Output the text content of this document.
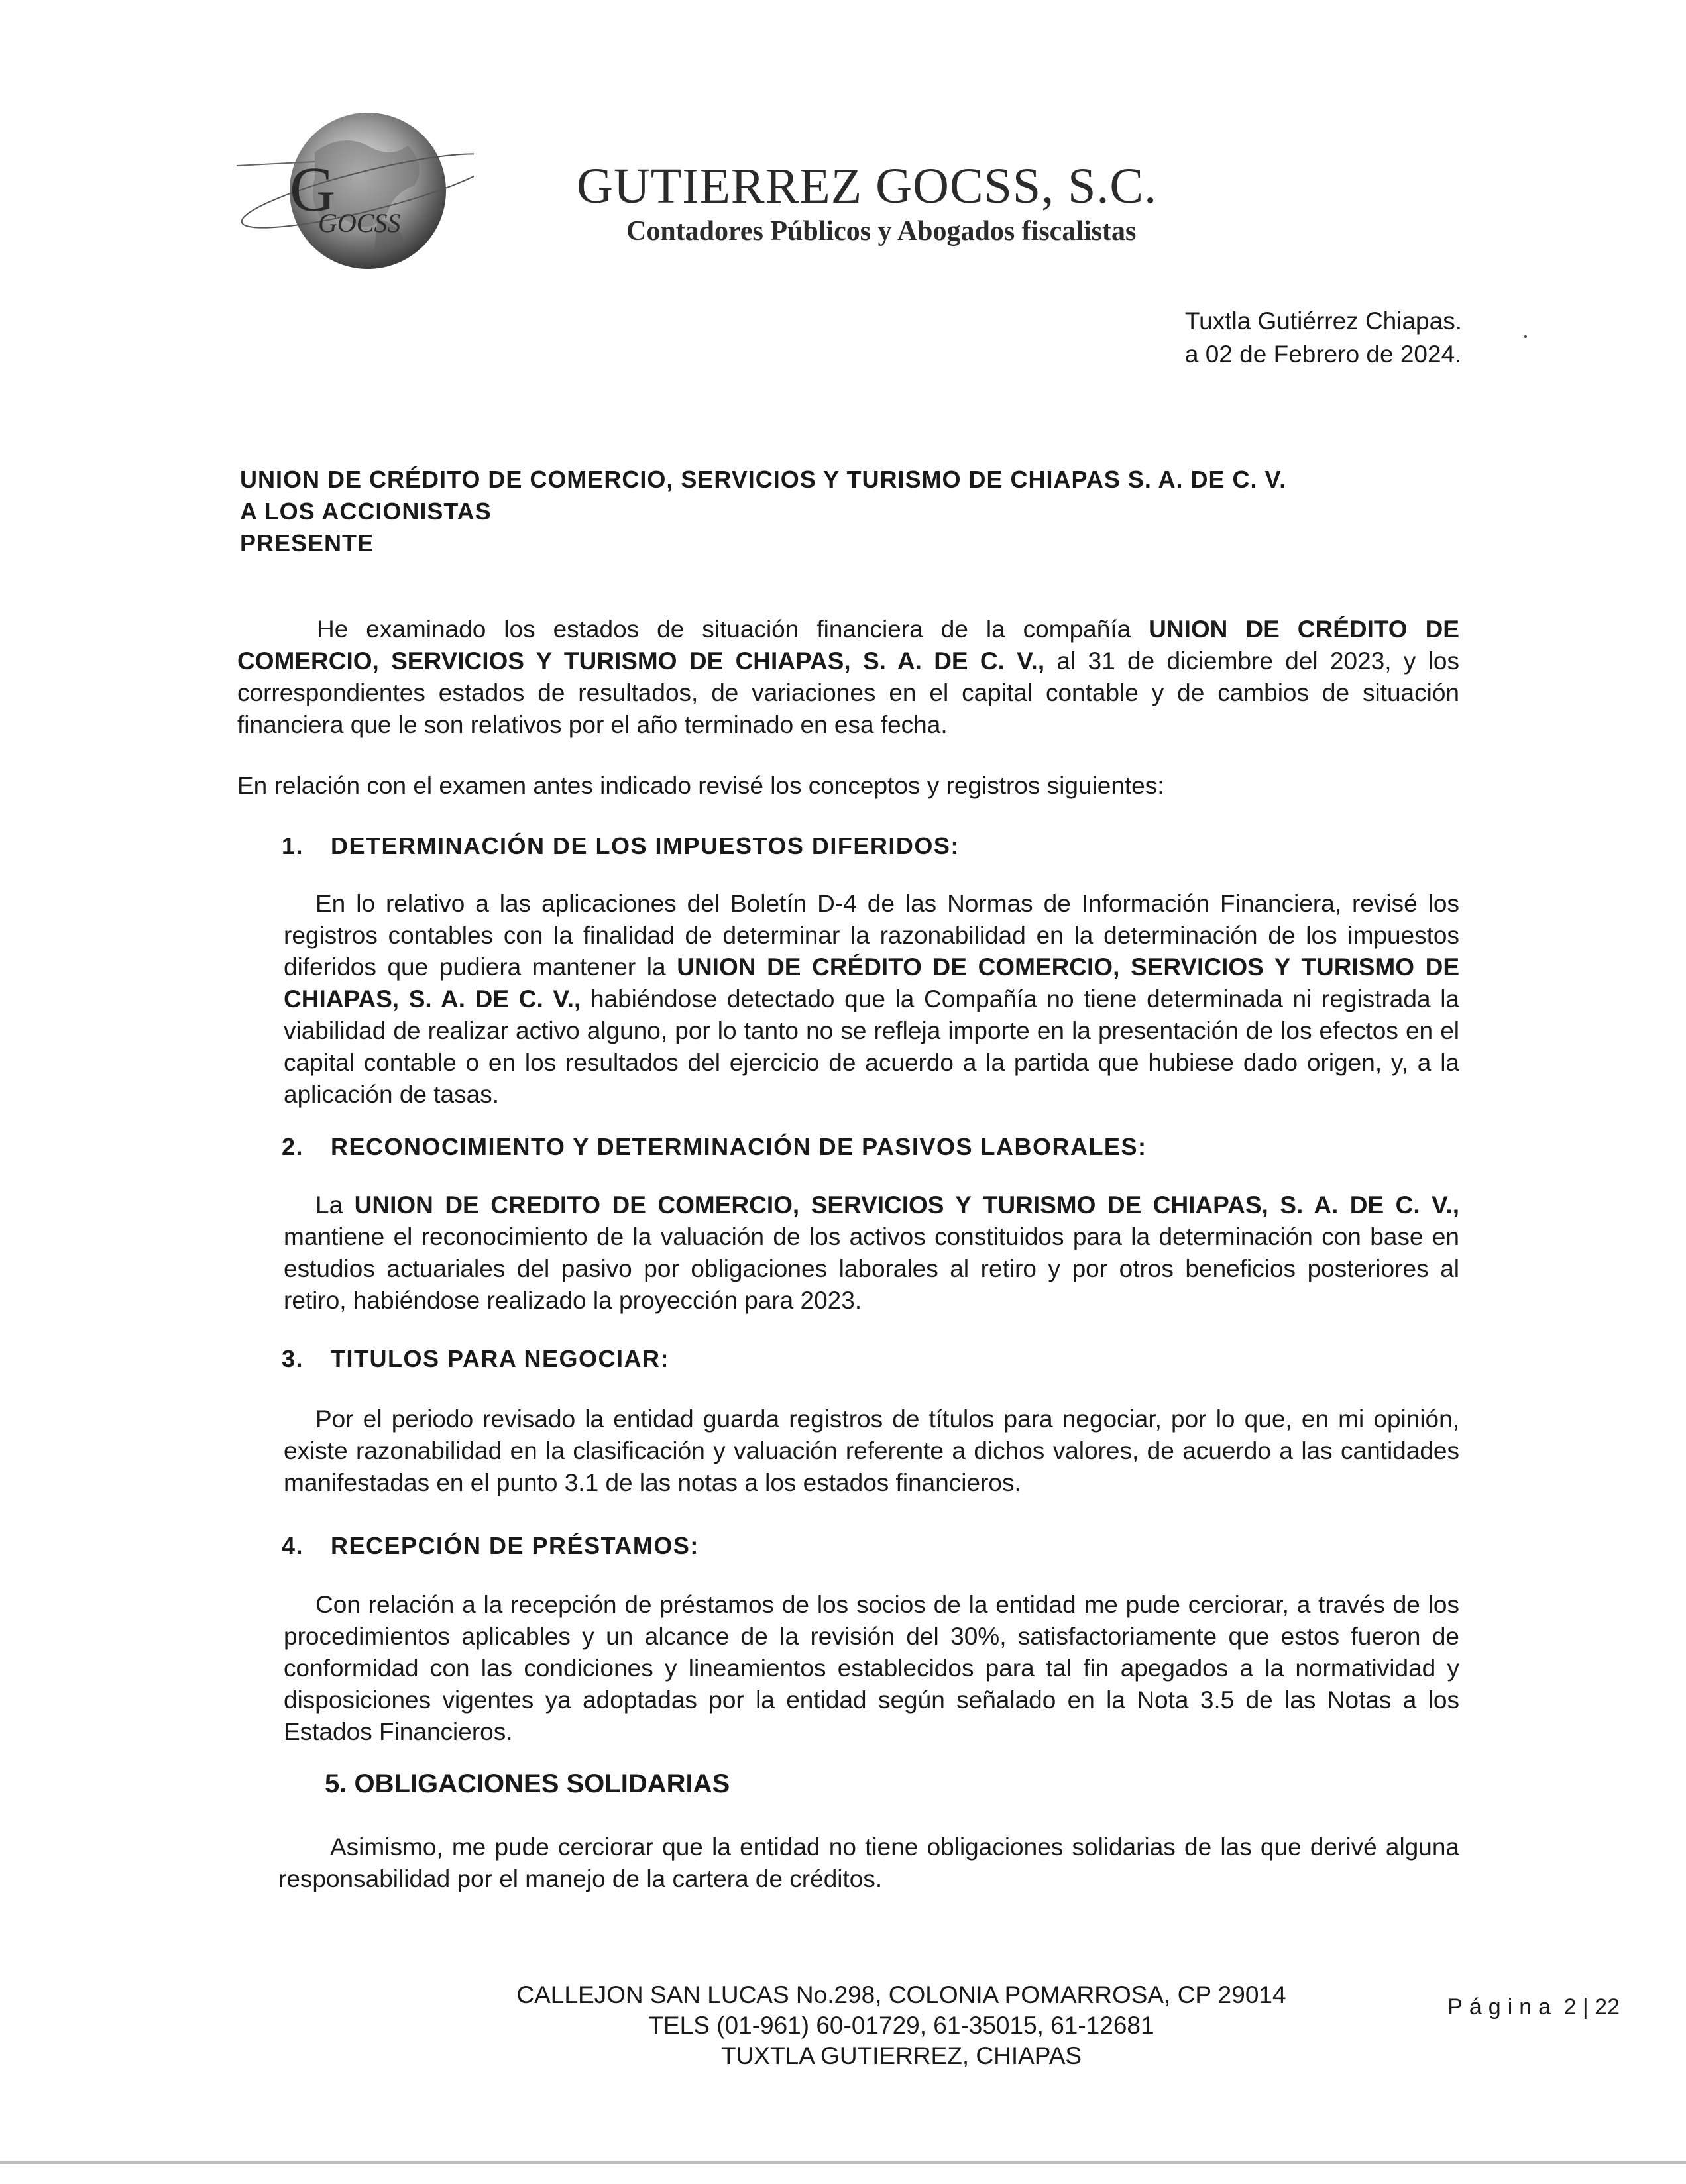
G
GOCSS
GUTIERREZ GOCSS, S.C.
Contadores Públicos y Abogados fiscalistas
Tuxtla Gutiérrez Chiapas.
a 02 de Febrero de 2024.
UNION DE CRÉDITO DE COMERCIO, SERVICIOS Y TURISMO DE CHIAPAS S. A. DE C. V.
A LOS ACCIONISTAS
PRESENTE
He examinado los estados de situación financiera de la compañía UNION DE CRÉDITO DE COMERCIO, SERVICIOS Y TURISMO DE CHIAPAS, S. A. DE C. V., al 31 de diciembre del 2023, y los correspondientes estados de resultados, de variaciones en el capital contable y de cambios de situación financiera que le son relativos por el año terminado en esa fecha.
En relación con el examen antes indicado revisé los conceptos y registros siguientes:
1. DETERMINACIÓN DE LOS IMPUESTOS DIFERIDOS:
En lo relativo a las aplicaciones del Boletín D-4 de las Normas de Información Financiera, revisé los registros contables con la finalidad de determinar la razonabilidad en la determinación de los impuestos diferidos que pudiera mantener la UNION DE CRÉDITO DE COMERCIO, SERVICIOS Y TURISMO DE CHIAPAS, S. A. DE C. V., habiéndose detectado que la Compañía no tiene determinada ni registrada la viabilidad de realizar activo alguno, por lo tanto no se refleja importe en la presentación de los efectos en el capital contable o en los resultados del ejercicio de acuerdo a la partida que hubiese dado origen, y, a la aplicación de tasas.
2. RECONOCIMIENTO Y DETERMINACIÓN DE PASIVOS LABORALES:
La UNION DE CREDITO DE COMERCIO, SERVICIOS Y TURISMO DE CHIAPAS, S. A. DE C. V., mantiene el reconocimiento de la valuación de los activos constituidos para la determinación con base en estudios actuariales del pasivo por obligaciones laborales al retiro y por otros beneficios posteriores al retiro, habiéndose realizado la proyección para 2023.
3. TITULOS PARA NEGOCIAR:
Por el periodo revisado la entidad guarda registros de títulos para negociar, por lo que, en mi opinión, existe razonabilidad en la clasificación y valuación referente a dichos valores, de acuerdo a las cantidades manifestadas en el punto 3.1 de las notas a los estados financieros.
4. RECEPCIÓN DE PRÉSTAMOS:
Con relación a la recepción de préstamos de los socios de la entidad me pude cerciorar, a través de los procedimientos aplicables y un alcance de la revisión del 30%, satisfactoriamente que estos fueron de conformidad con las condiciones y lineamientos establecidos para tal fin apegados a la normatividad y disposiciones vigentes ya adoptadas por la entidad según señalado en la Nota 3.5 de las Notas a los Estados Financieros.
5. OBLIGACIONES SOLIDARIAS
Asimismo, me pude cerciorar que la entidad no tiene obligaciones solidarias de las que derivé alguna responsabilidad por el manejo de la cartera de créditos.
CALLEJON SAN LUCAS No.298, COLONIA POMARROSA, CP 29014
TELS (01-961) 60-01729, 61-35015, 61-12681
TUXTLA GUTIERREZ, CHIAPAS
Página 2 | 22
